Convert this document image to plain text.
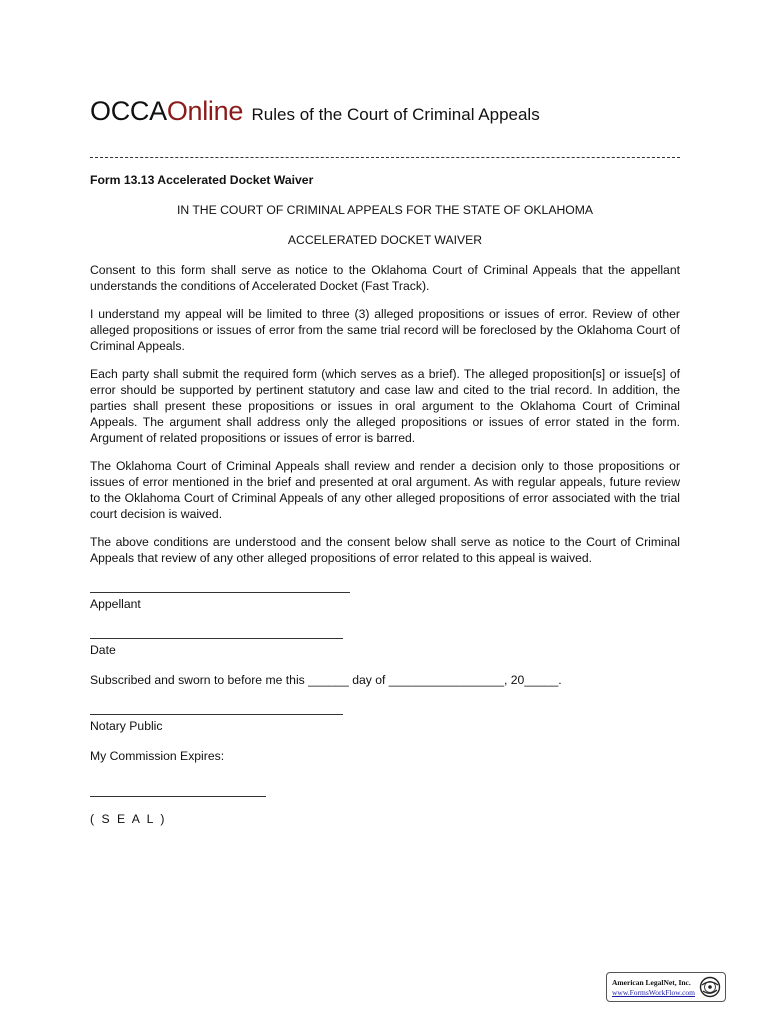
OCCAOnline Rules of the Court of Criminal Appeals

Form 13.13 Accelerated Docket Waiver

IN THE COURT OF CRIMINAL APPEALS FOR THE STATE OF OKLAHOMA

ACCELERATED DOCKET WAIVER

Consent to this form shall serve as notice to the Oklahoma Court of Criminal Appeals that the appellant understands the conditions of Accelerated Docket (Fast Track).

I understand my appeal will be limited to three (3) alleged propositions or issues of error. Review of other alleged propositions or issues of error from the same trial record will be foreclosed by the Oklahoma Court of Criminal Appeals.

Each party shall submit the required form (which serves as a brief). The alleged proposition[s] or issue[s] of error should be supported by pertinent statutory and case law and cited to the trial record. In addition, the parties shall present these propositions or issues in oral argument to the Oklahoma Court of Criminal Appeals. The argument shall address only the alleged propositions or issues of error stated in the form. Argument of related propositions or issues of error is barred.

The Oklahoma Court of Criminal Appeals shall review and render a decision only to those propositions or issues of error mentioned in the brief and presented at oral argument. As with regular appeals, future review to the Oklahoma Court of Criminal Appeals of any other alleged propositions of error associated with the trial court decision is waived.

The above conditions are understood and the consent below shall serve as notice to the Court of Criminal Appeals that review of any other alleged propositions of error related to this appeal is waived.

Appellant

Date

Subscribed and sworn to before me this ______ day of _________________, 20_____.

Notary Public

My Commission Expires:

( S E A L )

American LegalNet, Inc.
www.FormsWorkFlow.com
